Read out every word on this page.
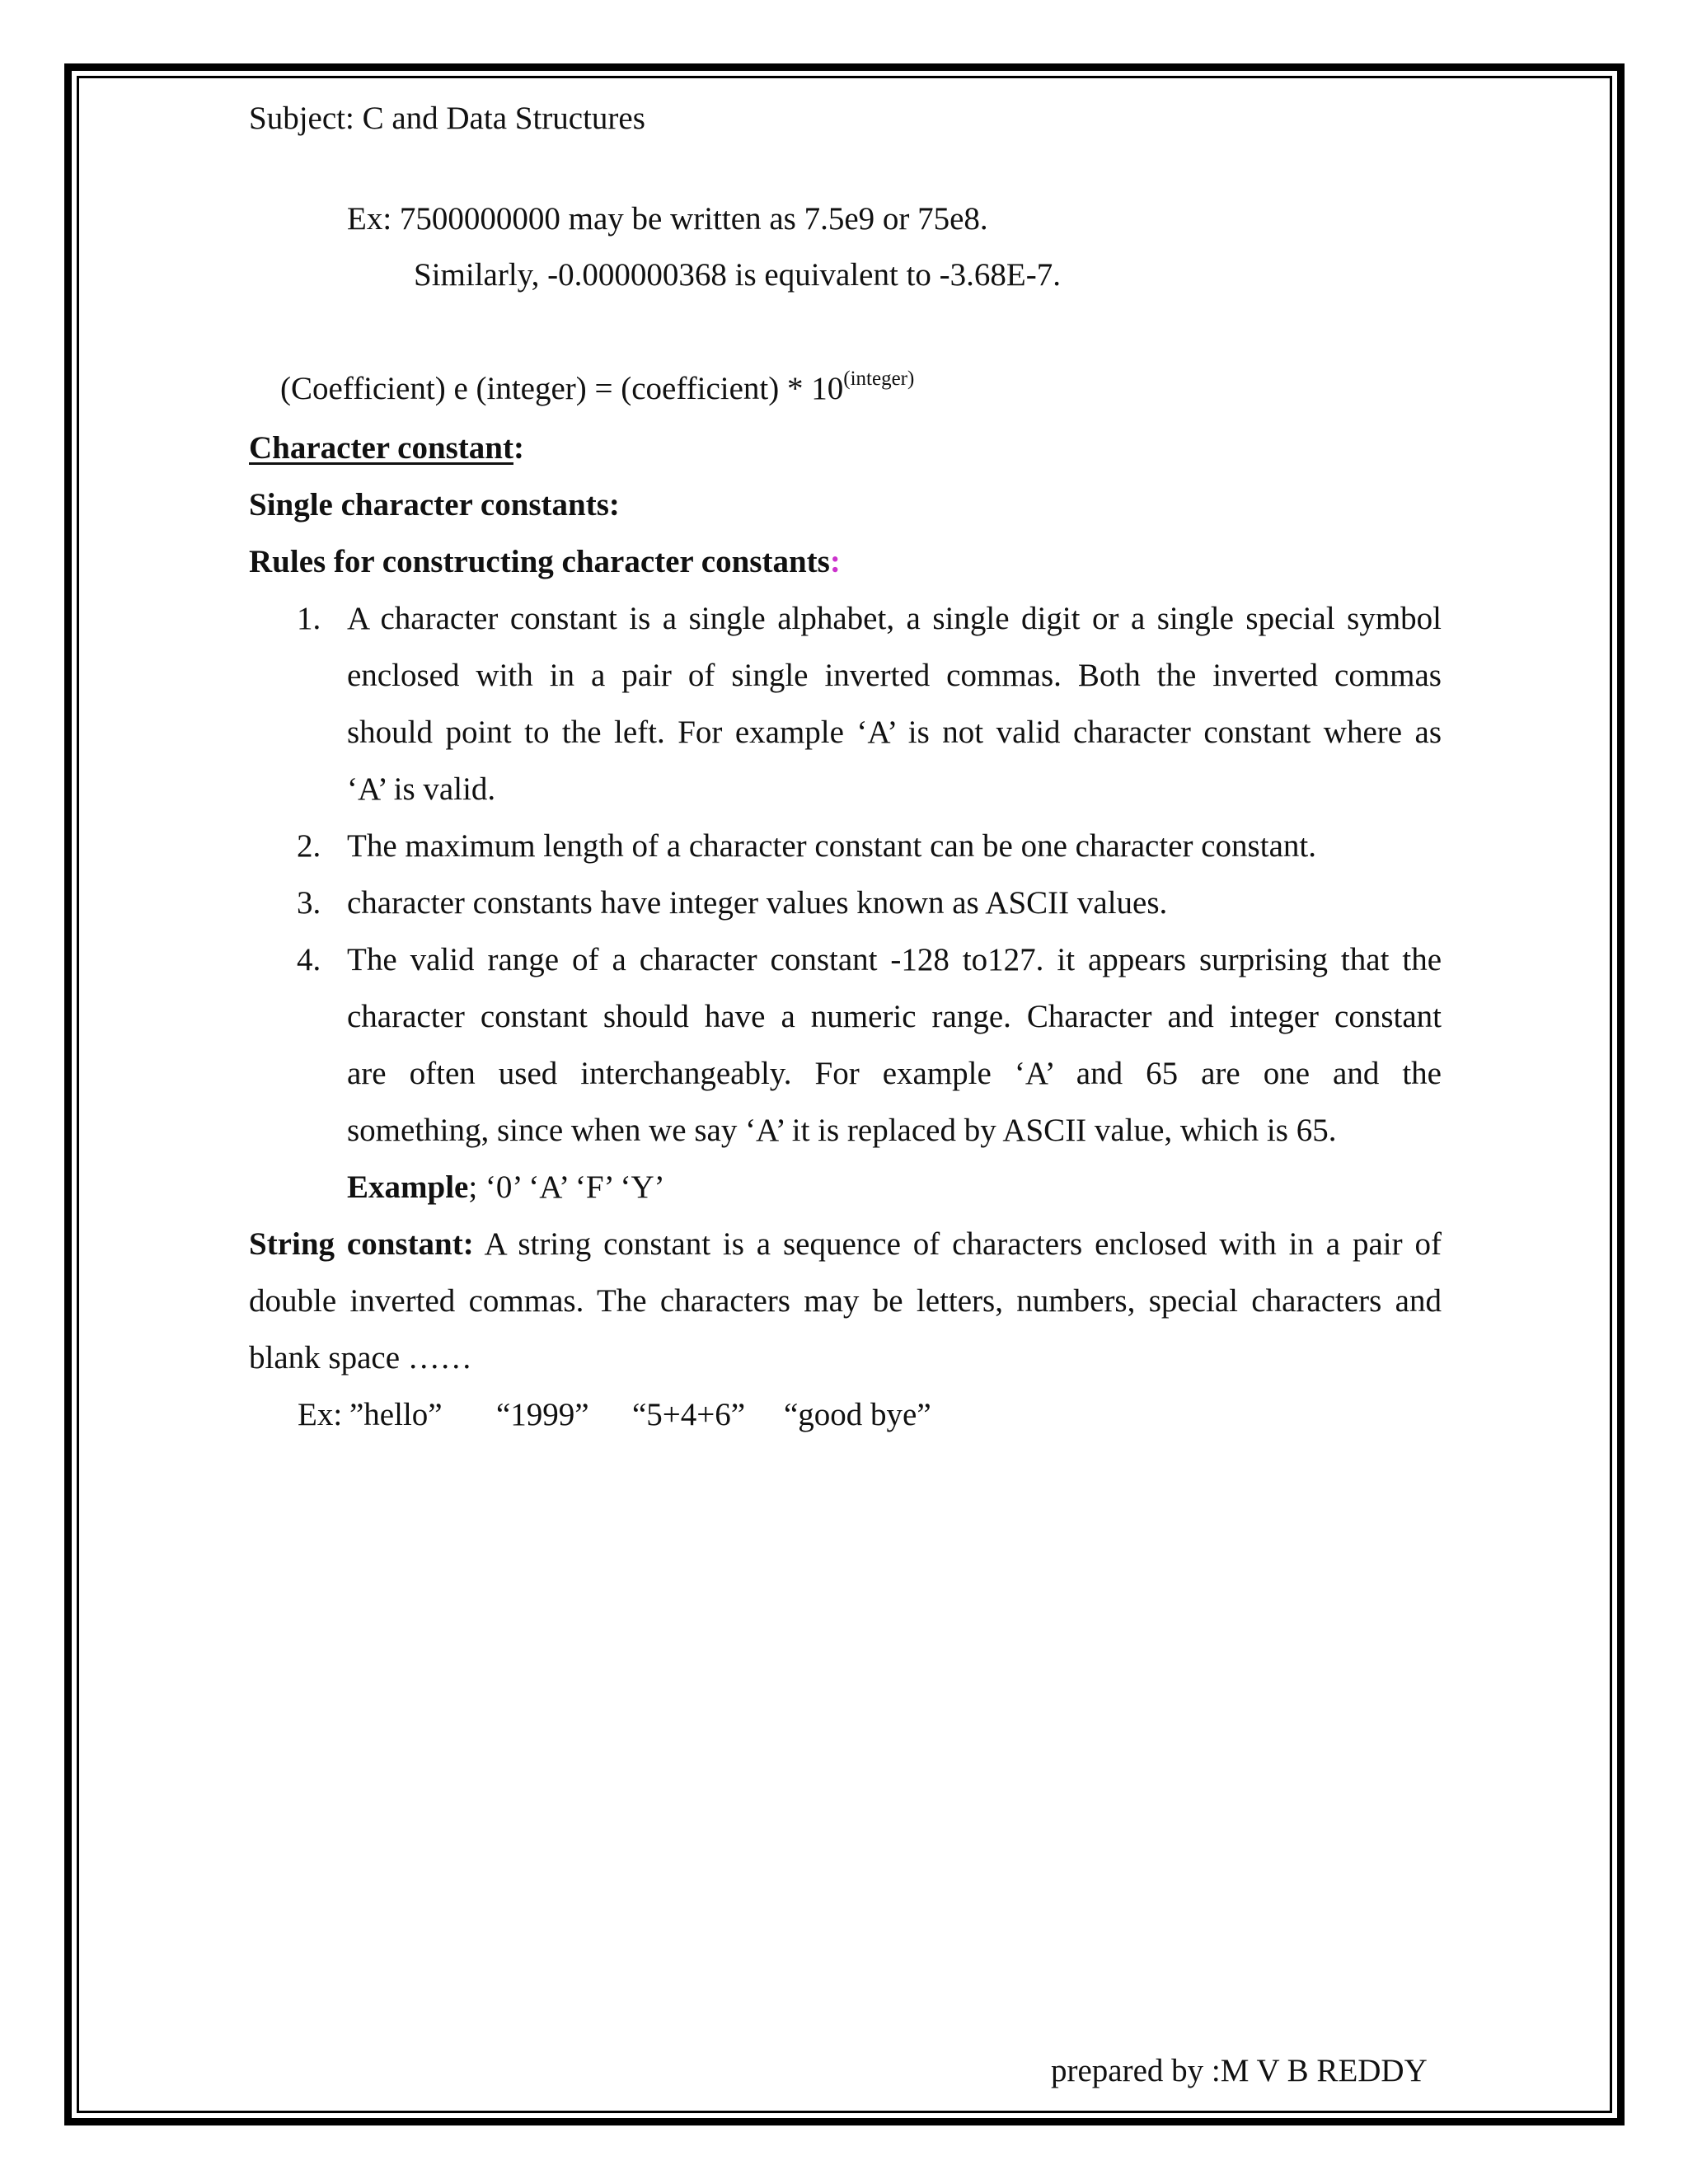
Subject: C and Data Structures
Ex: 7500000000 may be written as 7.5e9 or 75e8.
Similarly, -0.000000368 is equivalent to -3.68E-7.
(Coefficient) e (integer) = (coefficient) * $10^{(integer)}$
Character constant:
Single character constants:
Rules for constructing character constants:
1. A character constant is a single alphabet, a single digit or a single special symbol
enclosed with in a pair of single inverted commas. Both the inverted commas
should point to the left. For example ‘A’ is not valid character constant where as
‘A’ is valid.
2. The maximum length of a character constant can be one character constant.
3. character constants have integer values known as ASCII values.
4. The valid range of a character constant -128 to127. it appears surprising that the
character constant should have a numeric range. Character and integer constant
are often used interchangeably. For example ‘A’ and 65 are one and the
something, since when we say ‘A’ it is replaced by ASCII value, which is 65.
Example; ‘0’ ‘A’ ‘F’ ‘Y’
String constant: A string constant is a sequence of characters enclosed with in a pair of
double inverted commas. The characters may be letters, numbers, special characters and
blank space ……
Ex: ”hello” “1999” “5+4+6” “good bye”
prepared by :M V B REDDY
